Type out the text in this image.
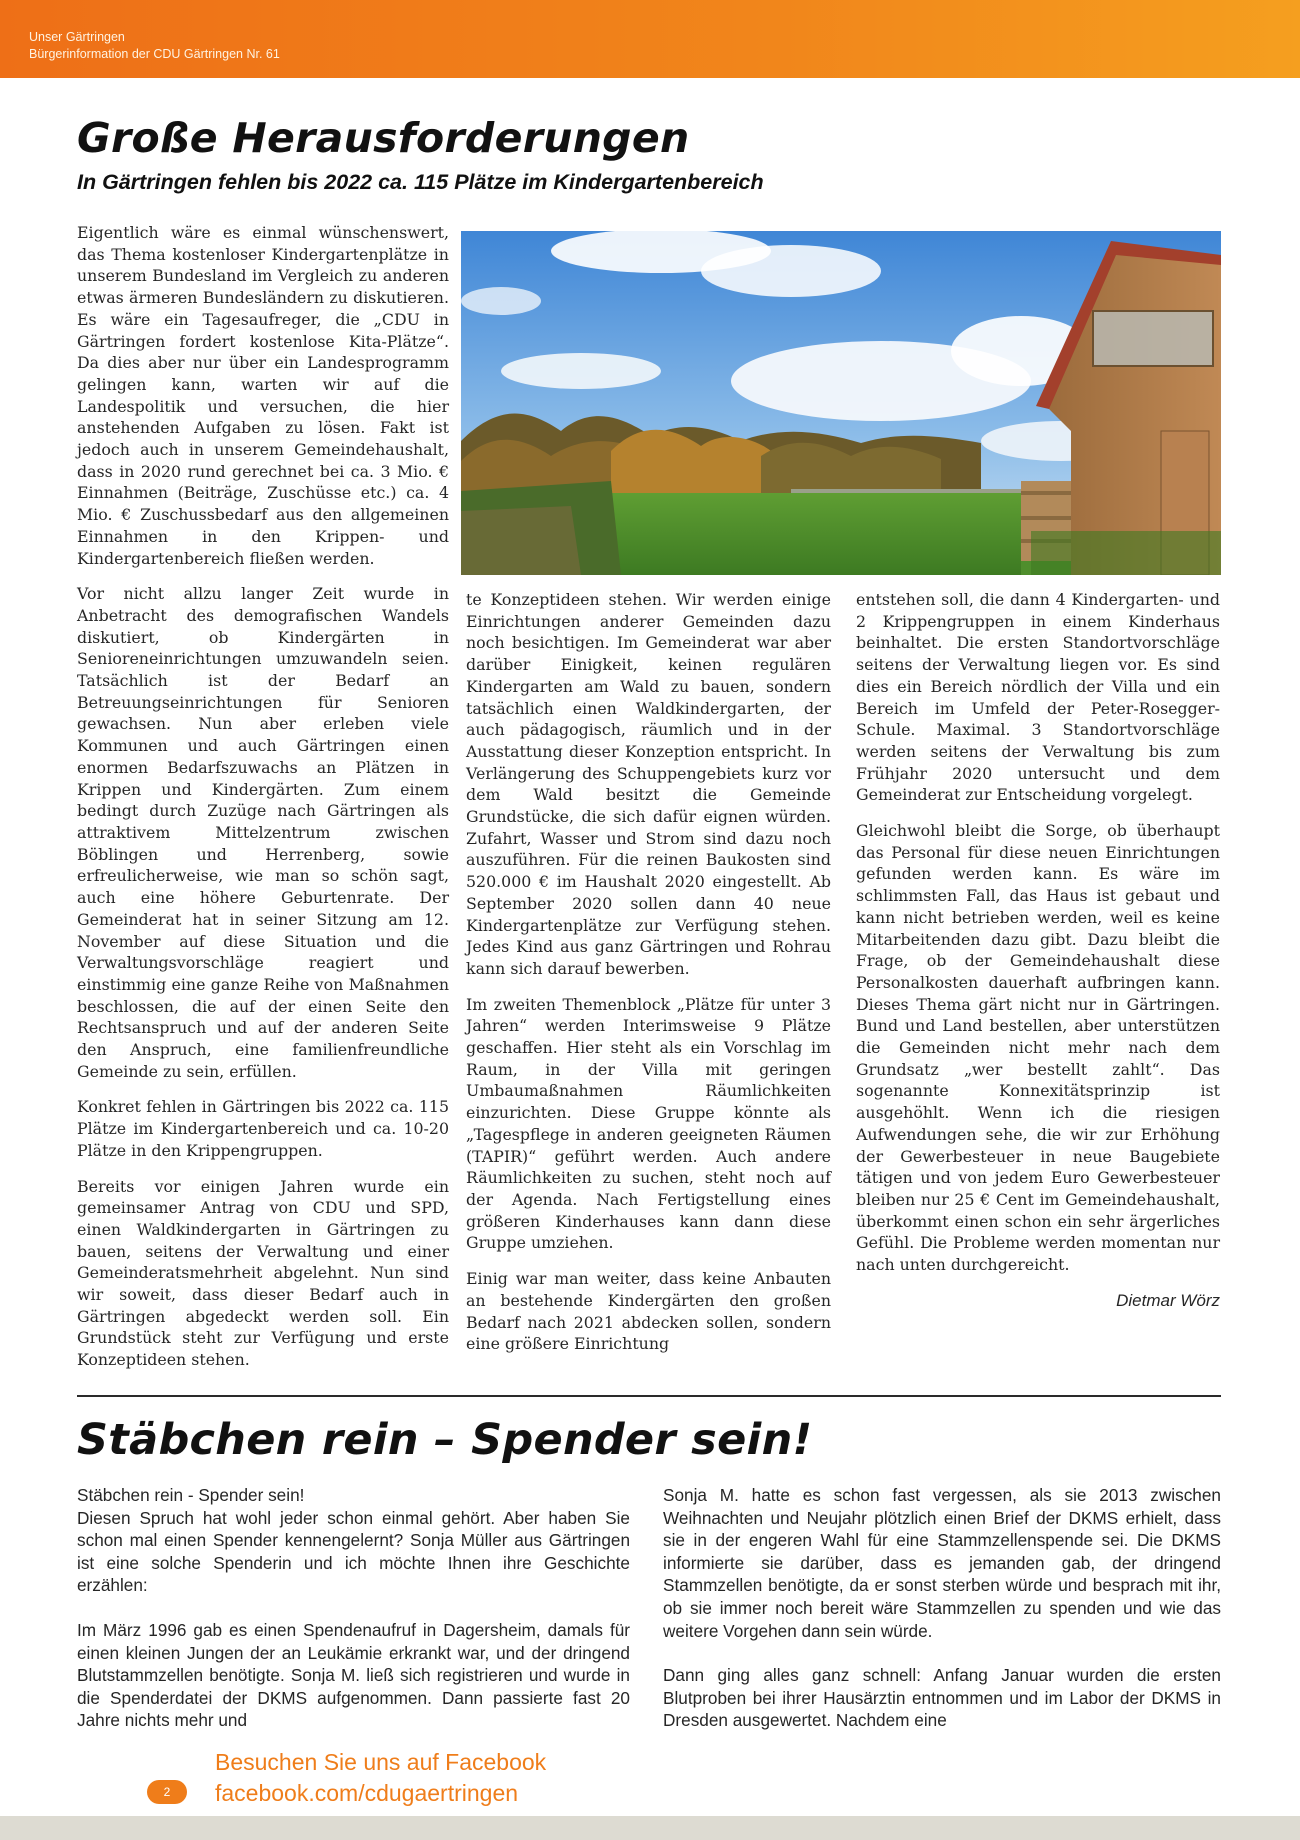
Unser Gärtringen
Bürgerinformation der CDU Gärtringen Nr. 61
Große Herausforderungen
In Gärtringen fehlen bis 2022 ca. 115 Plätze im Kindergartenbereich

Eigentlich wäre es einmal wünschenswert, das Thema kostenloser Kindergartenplätze in unserem Bundesland im Vergleich zu anderen etwas ärmeren Bundesländern zu diskutieren. Es wäre ein Tagesaufreger, die „CDU in Gärtringen fordert kostenlose Kita-Plätze“. Da dies aber nur über ein Landesprogramm gelingen kann, warten wir auf die Landespolitik und versuchen, die hier anstehenden Aufgaben zu lösen. Fakt ist jedoch auch in unserem Gemeindehaushalt, dass in 2020 rund gerechnet bei ca. 3 Mio. € Einnahmen (Beiträge, Zuschüsse etc.) ca. 4 Mio. € Zuschussbedarf aus den allgemeinen Einnahmen in den Krippen- und Kindergartenbereich fließen werden.

Vor nicht allzu langer Zeit wurde in Anbetracht des demografischen Wandels diskutiert, ob Kindergärten in Senioreneinrichtungen umzuwandeln seien. Tatsächlich ist der Bedarf an Betreuungseinrichtungen für Senioren gewachsen. Nun aber erleben viele Kommunen und auch Gärtringen einen enormen Bedarfszuwachs an Plätzen in Krippen und Kindergärten. Zum einem bedingt durch Zuzüge nach Gärtringen als attraktivem Mittelzentrum zwischen Böblingen und Herrenberg, sowie erfreulicherweise, wie man so schön sagt, auch eine höhere Geburtenrate. Der Gemeinderat hat in seiner Sitzung am 12. November auf diese Situation und die Verwaltungsvorschläge reagiert und einstimmig eine ganze Reihe von Maßnahmen beschlossen, die auf der einen Seite den Rechtsanspruch und auf der anderen Seite den Anspruch, eine familienfreundliche Gemeinde zu sein, erfüllen.

Konkret fehlen in Gärtringen bis 2022 ca. 115 Plätze im Kindergartenbereich und ca. 10-20 Plätze in den Krippengruppen.

Bereits vor einigen Jahren wurde ein gemeinsamer Antrag von CDU und SPD, einen Waldkindergarten in Gärtringen zu bauen, seitens der Verwaltung und einer Gemeinderatsmehrheit abgelehnt. Nun sind wir soweit, dass dieser Bedarf auch in Gärtringen abgedeckt werden soll. Ein Grundstück steht zur Verfügung und erste Konzeptideen stehen.

te Konzeptideen stehen. Wir werden einige Einrichtungen anderer Gemeinden dazu noch besichtigen. Im Gemeinderat war aber darüber Einigkeit, keinen regulären Kindergarten am Wald zu bauen, sondern tatsächlich einen Waldkindergarten, der auch pädagogisch, räumlich und in der Ausstattung dieser Konzeption entspricht. In Verlängerung des Schuppengebiets kurz vor dem Wald besitzt die Gemeinde Grundstücke, die sich dafür eignen würden. Zufahrt, Wasser und Strom sind dazu noch auszuführen. Für die reinen Baukosten sind 520.000 € im Haushalt 2020 eingestellt. Ab September 2020 sollen dann 40 neue Kindergartenplätze zur Verfügung stehen. Jedes Kind aus ganz Gärtringen und Rohrau kann sich darauf bewerben.

Im zweiten Themenblock „Plätze für unter 3 Jahren“ werden Interimsweise 9 Plätze geschaffen. Hier steht als ein Vorschlag im Raum, in der Villa mit geringen Umbaumaßnahmen Räumlichkeiten einzurichten. Diese Gruppe könnte als „Tagespflege in anderen geeigneten Räumen (TAPIR)“ geführt werden. Auch andere Räumlichkeiten zu suchen, steht noch auf der Agenda. Nach Fertigstellung eines größeren Kinderhauses kann dann diese Gruppe umziehen.

Einig war man weiter, dass keine Anbauten an bestehende Kindergärten den großen Bedarf nach 2021 abdecken sollen, sondern eine größere Einrichtung

entstehen soll, die dann 4 Kindergarten- und 2 Krippengruppen in einem Kinderhaus beinhaltet. Die ersten Standortvorschläge seitens der Verwaltung liegen vor. Es sind dies ein Bereich nördlich der Villa und ein Bereich im Umfeld der Peter-Rosegger-Schule. Maximal. 3 Standortvorschläge werden seitens der Verwaltung bis zum Frühjahr 2020 untersucht und dem Gemeinderat zur Entscheidung vorgelegt.

Gleichwohl bleibt die Sorge, ob überhaupt das Personal für diese neuen Einrichtungen gefunden werden kann. Es wäre im schlimmsten Fall, das Haus ist gebaut und kann nicht betrieben werden, weil es keine Mitarbeitenden dazu gibt. Dazu bleibt die Frage, ob der Gemeindehaushalt diese Personalkosten dauerhaft aufbringen kann. Dieses Thema gärt nicht nur in Gärtringen. Bund und Land bestellen, aber unterstützen die Gemeinden nicht mehr nach dem Grundsatz „wer bestellt zahlt“. Das sogenannte Konnexitätsprinzip ist ausgehöhlt. Wenn ich die riesigen Aufwendungen sehe, die wir zur Erhöhung der Gewerbesteuer in neue Baugebiete tätigen und von jedem Euro Gewerbesteuer bleiben nur 25 € Cent im Gemeindehaushalt, überkommt einen schon ein sehr ärgerliches Gefühl. Die Probleme werden momentan nur nach unten durchgereicht.

Dietmar Wörz
Stäbchen rein – Spender sein!

Stäbchen rein - Spender sein!
Diesen Spruch hat wohl jeder schon einmal gehört. Aber haben Sie schon mal einen Spender kennengelernt? Sonja Müller aus Gärtringen ist eine solche Spenderin und ich möchte Ihnen ihre Geschichte erzählen:

Im März 1996 gab es einen Spendenaufruf in Dagersheim, damals für einen kleinen Jungen der an Leukämie erkrankt war, und der dringend Blutstammzellen benötigte. Sonja M. ließ sich registrieren und wurde in die Spenderdatei der DKMS aufgenommen. Dann passierte fast 20 Jahre nichts mehr und

Sonja M. hatte es schon fast vergessen, als sie 2013 zwischen Weihnachten und Neujahr plötzlich einen Brief der DKMS erhielt, dass sie in der engeren Wahl für eine Stammzellenspende sei. Die DKMS informierte sie darüber, dass es jemanden gab, der dringend Stammzellen benötigte, da er sonst sterben würde und besprach mit ihr, ob sie immer noch bereit wäre Stammzellen zu spenden und wie das weitere Vorgehen dann sein würde.

Dann ging alles ganz schnell: Anfang Januar wurden die ersten Blutproben bei ihrer Hausärztin entnommen und im Labor der DKMS in Dresden ausgewertet. Nachdem eine

2
Besuchen Sie uns auf Facebook
facebook.com/cdugaertringen
